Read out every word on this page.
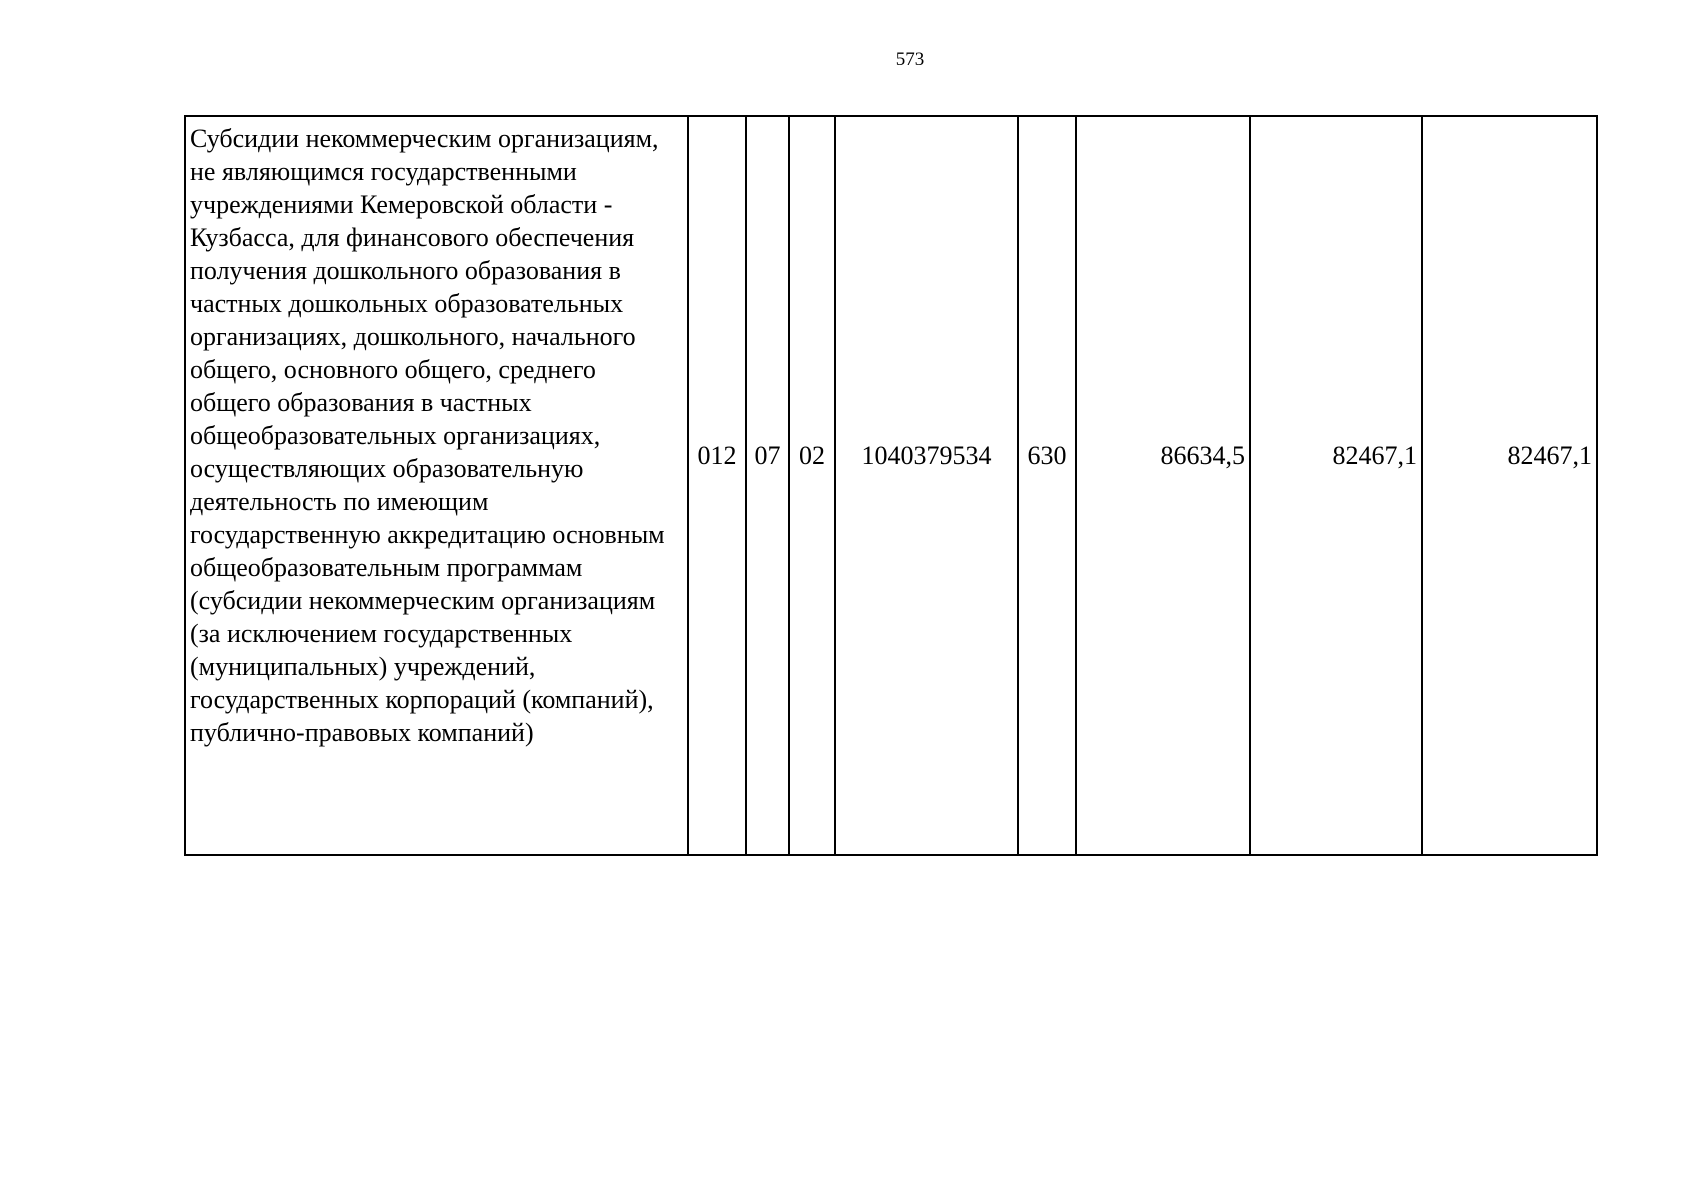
573
Субсидии некоммерческим организациям, не являющимся государственными учреждениями Кемеровской области - Кузбасса, для финансового обеспечения получения дошкольного образования в частных дошкольных образовательных организациях, дошкольного, начального общего, основного общего, среднего общего образования в частных общеобразовательных организациях, осуществляющих образовательную деятельность по имеющим государственную аккредитацию основным общеобразовательным программам (субсидии некоммерческим организациям (за исключением государственных (муниципальных) учреждений, государственных корпораций (компаний), публично-правовых компаний)	
012	07	02	1040379534	630	86634,5	82467,1	82467,1
